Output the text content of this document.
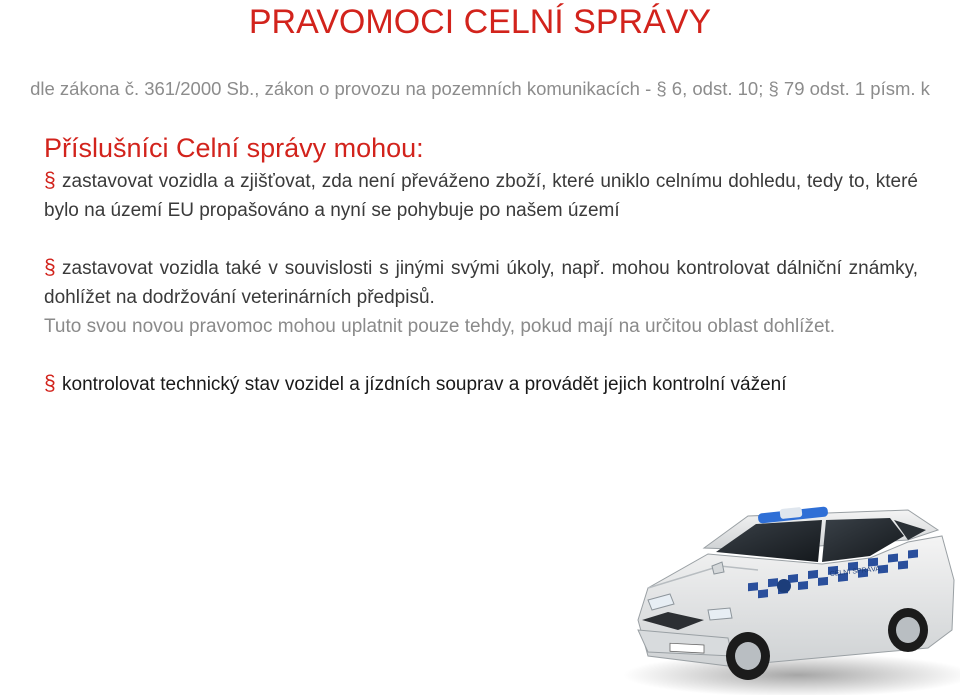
PRAVOMOCI CELNÍ SPRÁVY
dle zákona č. 361/2000 Sb., zákon o provozu na pozemních komunikacích - § 6, odst. 10; § 79 odst. 1 písm. k
Příslušníci Celní správy mohou:
§ zastavovat vozidla a zjišťovat, zda není převáženo zboží, které uniklo celnímu dohledu, tedy to, které bylo na území EU propašováno a nyní se pohybuje po našem území
§ zastavovat vozidla také v souvislosti s jinými svými úkoly, např. mohou kontrolovat dálniční známky, dohlížet na dodržování veterinárních předpisů.
Tuto svou novou pravomoc mohou uplatnit pouze tehdy, pokud mají na určitou oblast dohlížet.
§ kontrolovat technický stav vozidel a jízdních souprav a provádět jejich kontrolní vážení
CELNÍ SPRÁVA
